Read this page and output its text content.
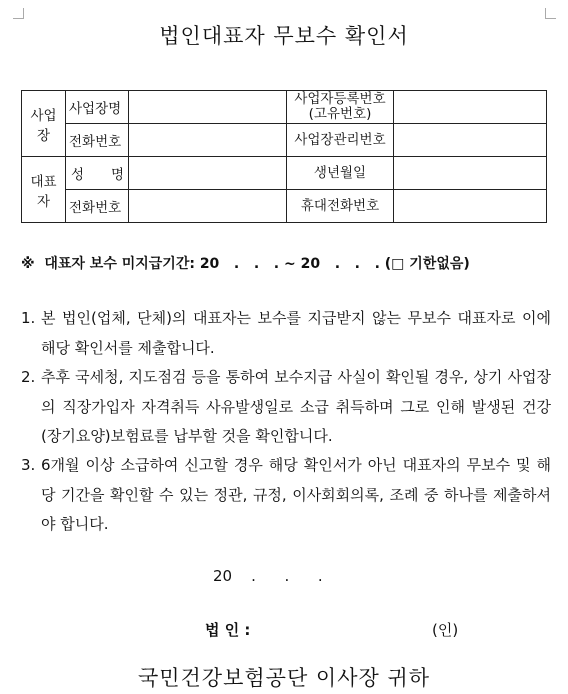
법인대표자 무보수 확인서
사업장	사업장명		사업자등록번호
(고유번호)	

	전화번호		사업장관리번호	
대표자	성　　명		생년월일	
	전화번호		휴대전화번호	
※  대표자 보수 미지급기간: 20   .   .   . ~ 20   .   .   . (□ 기한없음)
1. 본 법인(업체, 단체)의 대표자는 보수를 지급받지 않는 무보수 대표자로 이에 해당 확인서를 제출합니다.
2. 추후 국세청, 지도점검 등을 통하여 보수지급 사실이 확인될 경우, 상기 사업장의 직장가입자 자격취득 사유발생일로 소급 취득하며 그로 인해 발생된 건강(장기요양)보험료를 납부할 것을 확인합니다.
3. 6개월 이상 소급하여 신고할 경우 해당 확인서가 아닌 대표자의 무보수 및 해당 기간을 확인할 수 있는 정관, 규정, 이사회회의록, 조례 중 하나를 제출하셔야 합니다.
20    .      .      .
법 인 :	(인)
국민건강보험공단 이사장 귀하
